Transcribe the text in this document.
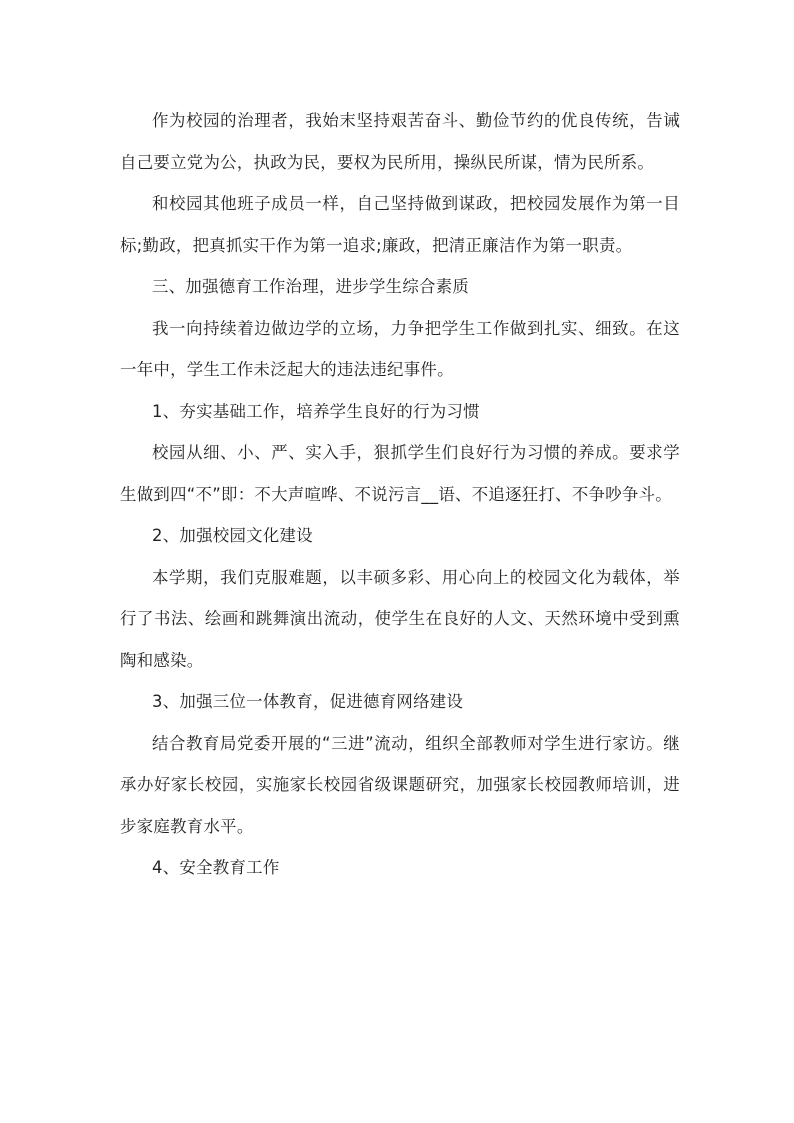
作为校园的治理者，我始末坚持艰苦奋斗、勤俭节约的优良传统，告诫自己要立党为公，执政为民，要权为民所用，操纵民所谋，情为民所系。

和校园其他班子成员一样，自己坚持做到谋政，把校园发展作为第一目标;勤政，把真抓实干作为第一追求;廉政，把清正廉洁作为第一职责。

三、加强德育工作治理，进步学生综合素质

我一向持续着边做边学的立场，力争把学生工作做到扎实、细致。在这一年中，学生工作未泛起大的违法违纪事件。

1、夯实基础工作，培养学生良好的行为习惯

校园从细、小、严、实入手，狠抓学生们良好行为习惯的养成。要求学生做到四“不”即：不大声喧哗、不说污言__语、不追逐狂打、不争吵争斗。

2、加强校园文化建设

本学期，我们克服难题，以丰硕多彩、用心向上的校园文化为载体，举行了书法、绘画和跳舞演出流动，使学生在良好的人文、天然环境中受到熏陶和感染。

3、加强三位一体教育，促进德育网络建设

结合教育局党委开展的“三进”流动，组织全部教师对学生进行家访。继承办好家长校园，实施家长校园省级课题研究，加强家长校园教师培训，进步家庭教育水平。

4、安全教育工作
